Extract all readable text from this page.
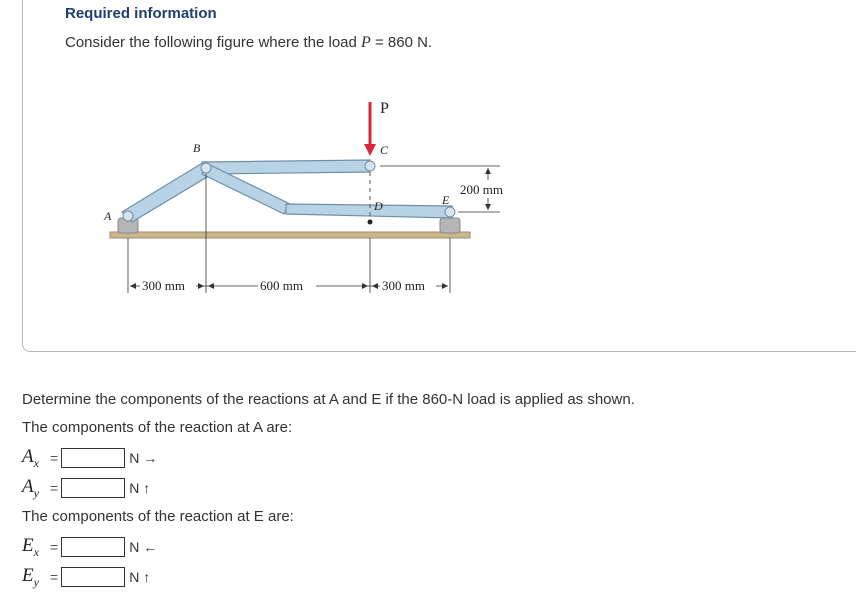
Required information
Consider the following figure where the load P = 860 N.
P
A
B	C
D	E
300 mm	600 mm	300 mm
200 mm
Determine the components of the reactions at A and E if the 860-N load is applied as shown.
The components of the reaction at A are:
$A_x$ =	N →
$A_y$ =	N ↑
The components of the reaction at E are:
$E_x$ =	N ←
$E_y$ =	N ↑
